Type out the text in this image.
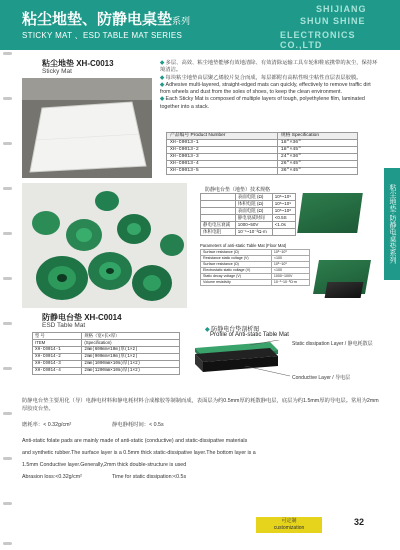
SHIJIANG
SHUN SHINE
ELECTRONICS CO.,LTD
粘尘地垫、防静电桌垫系列
STICKY MAT 、ESD TABLE MAT SERIES
粘尘地垫·防静电桌垫系列
粘尘地垫 XH-C0013
Sticky Mat
◆ 多层、高效、粘尘地垫能够有效地清除、有效清除运输工具车轮和鞋底携带的灰尘，保持环境清洁。
◆ 每块粘尘地垫由层聚乙烯胶片复合而成，每层都附有高粘性吸尘粘性直层表层胶膜。
◆ Adhesive multi-layered, straight-edged mats can quickly, effectively to remove traffic dirt from wheels and dust from the soles of shoes, to keep the clean environment.
◆ Each Sticky Mat is composed of multiple layers of tough, polyethylene film, laminated together into a stack.
产品编号 Product Number	规格 Specification
XH-C0013-1	18"×36"
XH-C0013-2	18"×45"
XH-C0013-3	24"×36"
XH-C0013-4	26"×45"
XH-C0013-5	36"×45"
防静电台垫（地垫）技术规格
	表面电阻 (Ω)	10⁶~10⁹
	体积电阻 (Ω)	10⁶~10⁹
	表面电阻 (Ω)	10⁶~10⁸
	静电衰减时间	<0.5S
静电电压衰减	1000~50V	<1.0s
体积电阻	10⁻¹~10⁻²Ω·m	
Parameters of anti-static Table Mat (Floor Mat)
Surface resistance (Ω)	10⁶~10⁹
Resistance static voltage (V)	<100
Surface resistance (Ω)	10⁶~10⁹
Electrostatic static voltage (V)	<100
Static decay voltage (V)	1000~100V
Volume resistivity	10⁻²~10⁻³Ω·m
防静电台垫 XH-C0014
ESD Table Mat
型 号	规格（宽×长×厚）
ITEM	(Specification)
XH-C0014-1	2mm(600mm×10m)厚(1×2)
XH-C0014-2	2mm(900mm×10m)厚(1×2)
XH-C0014-3	2mm(1000mm×10m)厚(1×2)
XH-C0014-4	2mm(1200mm×10m)厚(1×2)
◆ 防静电台垫剖析图
Profile of Anti-static Table Mat
Static dissipation Layer / 静电耗散层
Conductive Layer / 导电层
防静电台垫主要用化（导）电静电材料和静电耗材料合成橡胶等制制而成，表面层为约0.5mm厚的耗散静电层，底层为约1.5mm厚的导电层。常用为2mm厚胶皮台垫。
磨耗率：< 0.32g/cm²	静电静耗时间：< 0.5s
Anti-static folate pads are mainly made of anti-static (conductive) and static-dissipative materials
and synthetic rubber.The surface layer is a 0.5mm thick static-dissipative layer.The bottom layer is a
1.5mm Conductive layer.Generally,2mm thick double-structure is used
Abrasion loss:<0.32g/cm²	Time for static dissipation:<0.5s
可定制
customization
32
